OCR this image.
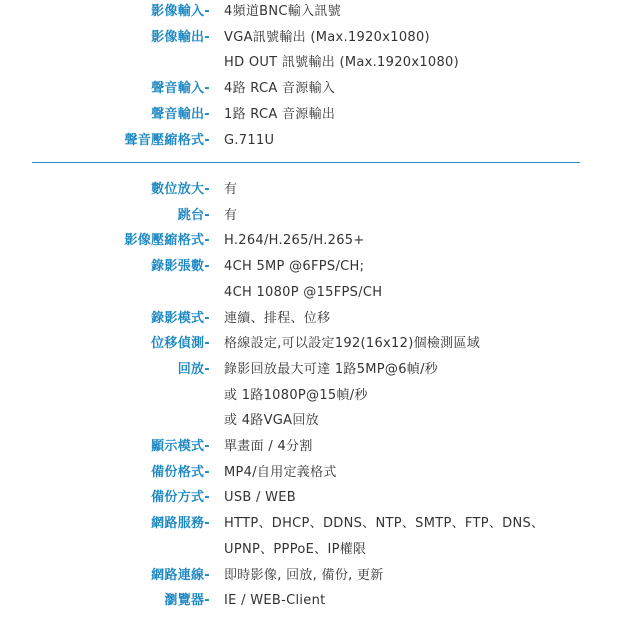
影像輸入- 4頻道BNC輸入訊號
影像輸出- VGA訊號輸出 (Max.1920x1080)
HD OUT 訊號輸出 (Max.1920x1080)
聲音輸入- 4路 RCA 音源輸入
聲音輸出- 1路 RCA 音源輸出
聲音壓縮格式- G.711U
數位放大- 有
跳台- 有
影像壓縮格式- H.264/H.265/H.265+
錄影張數- 4CH 5MP @6FPS/CH;
4CH 1080P @15FPS/CH
錄影模式- 連續、排程、位移
位移偵測- 格線設定,可以設定192(16x12)個檢測區域
回放- 錄影回放最大可達 1路5MP@6幀/秒
或 1路1080P@15幀/秒
或 4路VGA回放
顯示模式- 單畫面 / 4分割
備份格式- MP4/自用定義格式
備份方式- USB / WEB
網路服務- HTTP、DHCP、DDNS、NTP、SMTP、FTP、DNS、
UPNP、PPPoE、IP權限
網路連線- 即時影像, 回放, 備份, 更新
瀏覽器- IE / WEB-Client
